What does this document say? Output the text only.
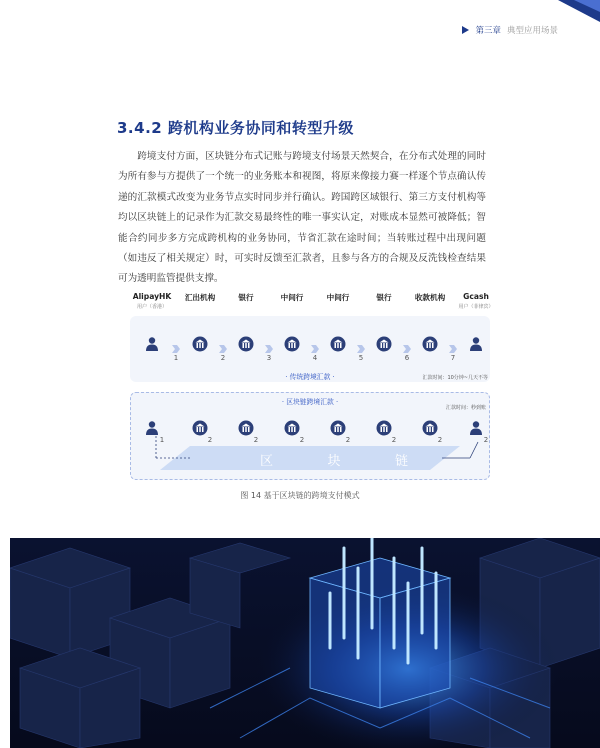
第三章 典型应用场景
3.4.2 跨机构业务协同和转型升级

跨境支付方面，区块链分布式记账与跨境支付场景天然契合，在分布式处理的同时为所有参与方提供了一个统一的业务账本和视图，将原来像接力赛一样逐个节点确认传递的汇款模式改变为业务节点实时同步并行确认。跨国跨区域银行、第三方支付机构等均以区块链上的记录作为汇款交易最终性的唯一事实认定，对账成本显然可被降低；智能合约同步多方完成跨机构的业务协同，节省汇款在途时间；当转账过程中出现问题（如违反了相关规定）时，可实时反馈至汇款者，且参与各方的合规及反洗钱检查结果可为透明监管提供支撑。

AlipayHK
用户（香港）
汇出机构	银行	中间行	中间行	银行	收款机构 Gcash
用户（菲律宾）
1	2	3	4	5	6	7
· 传统跨境汇款 ·	汇款时间：10分钟~几天不等
· 区块链跨境汇款 ·
汇款时间：秒到账
区	块	链
1	2	2	2	2	2	2	2
图 14 基于区块链的跨境支付模式
